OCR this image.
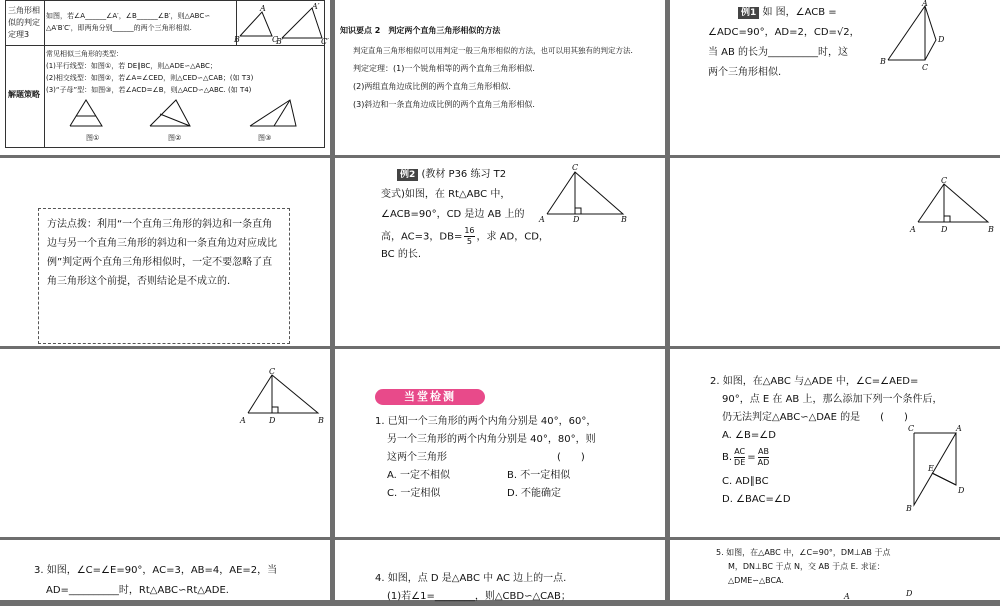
三角形相
似的判定
定理3
如图，若∠A______∠A′，∠B______∠B′，则△ABC∽
△A′B′C′，即两角分别______的两个三角形相似.
B
A
C
B′
A′
C′
解题策略
常见相似三角形的类型：
(1)平行线型：如图①，若 DE∥BC，则△ADE∽△ABC；
(2)相交线型：如图②，若∠A=∠CED，则△CED∽△CAB；(如 T3)
(3)“子母”型：如图③，若∠ACD=∠B，则△ACD∽△ABC. (如 T4)
图①	图②	图③
知识要点 2　判定两个直角三角形相似的方法
判定直角三角形相似可以用判定一般三角形相似的方法，也可以用其独有的判定方法.
判定定理：(1)一个锐角相等的两个直角三角形相似.
(2)两组直角边成比例的两个直角三角形相似.
(3)斜边和一条直角边成比例的两个直角三角形相似.
例1 如 图，∠ACB =
∠ADC=90°，AD=2，CD=√2，
当 AB 的长为__________时，这
两个三角形相似.
A
B
C
D
方法点拨：利用“一个直角三角形的斜边和一条直角边与另一个直角三角形的斜边和一条直角边对应成比例”判定两个直角三角形相似时，一定不要忽略了直角三角形这个前提，否则结论是不成立的.
例2 (教材 P36 练习 T2
变式)如图，在 Rt△ABC 中，
∠ACB=90°，CD 是边 AB 上的
高，AC=3，$DB= \frac{16}{5}$ ，求 AD，CD，
BC 的长.
C
A	D	B
C
A	D	B
C
A	D	B
当堂检测
1. 已知一个三角形的两个内角分别是 40°，60°，
另一个三角形的两个内角分别是 40°，80°，则
这两个三角形　　　　　　　　　　　(　　)
A. 一定不相似	B. 不一定相似
C. 一定相似	D. 不能确定
2. 如图，在△ABC 与△ADE 中，∠C=∠AED=
90°，点 E 在 AB 上，那么添加下列一个条件后，
仍无法判定△ABC∽△DAE 的是　　(　　)
A. ∠B=∠D
B. $\frac{AC}{DE} = \frac{AB}{AD}$
C. AD∥BC
D. ∠BAC=∠D
C	A
B
E
D
3. 如图，∠C=∠E=90°，AC=3，AB=4，AE=2，当
AD=__________时，Rt△ABC∽Rt△ADE.
4. 如图，点 D 是△ABC 中 AC 边上的一点.
(1)若∠1=________，则△CBD∽△CAB；
5. 如图，在△ABC 中，∠C=90°，DM⊥AB 于点
M，DN⊥BC 于点 N，交 AB 于点 E. 求证：
△DME∽△BCA.
A	D
